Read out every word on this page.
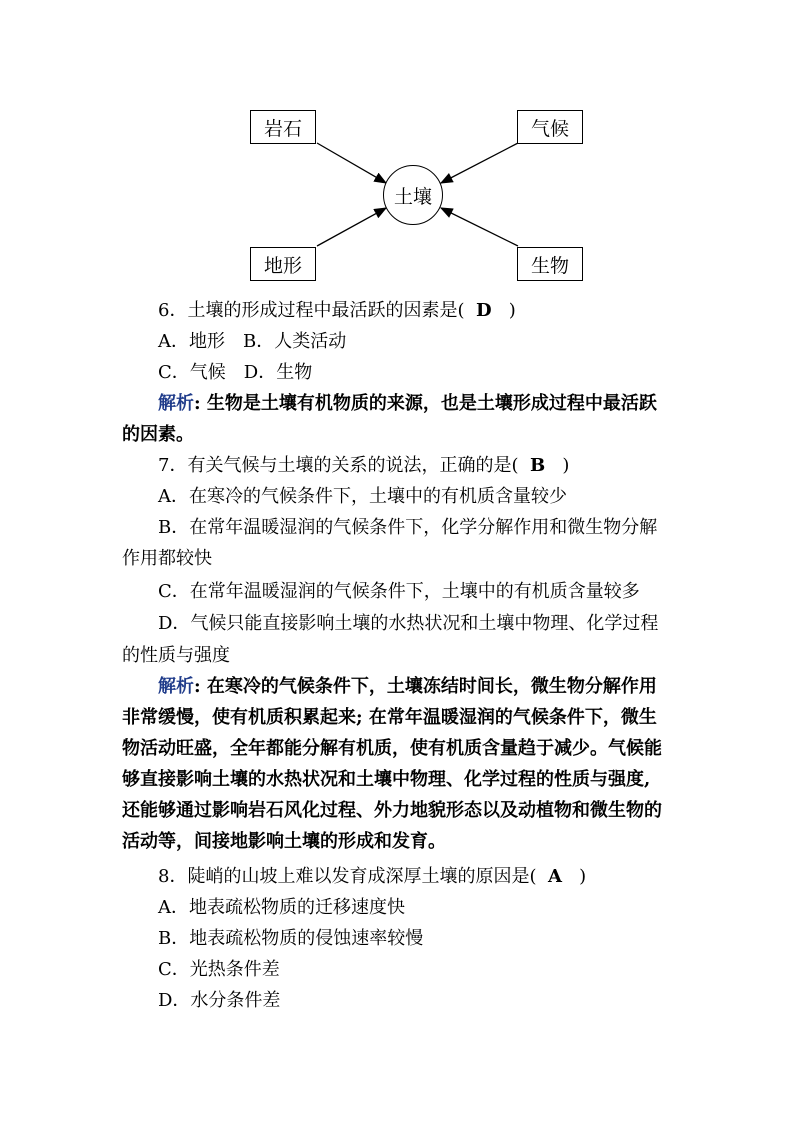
岩石	气候
地形	生物
土壤
6．土壤的形成过程中最活跃的因素是( D )
A．地形　B．人类活动
C．气候　D．生物
解析: 生物是土壤有机物质的来源，也是土壤形成过程中最活跃
的因素。
7．有关气候与土壤的关系的说法，正确的是( B )
A．在寒冷的气候条件下，土壤中的有机质含量较少
B．在常年温暖湿润的气候条件下，化学分解作用和微生物分解
作用都较快
C．在常年温暖湿润的气候条件下，土壤中的有机质含量较多
D．气候只能直接影响土壤的水热状况和土壤中物理、化学过程
的性质与强度
解析: 在寒冷的气候条件下，土壤冻结时间长，微生物分解作用
非常缓慢，使有机质积累起来; 在常年温暖湿润的气候条件下，微生
物活动旺盛，全年都能分解有机质，使有机质含量趋于减少。气候能
够直接影响土壤的水热状况和土壤中物理、化学过程的性质与强度,
还能够通过影响岩石风化过程、外力地貌形态以及动植物和微生物的
活动等，间接地影响土壤的形成和发育。
8．陡峭的山坡上难以发育成深厚土壤的原因是( A )
A．地表疏松物质的迁移速度快
B．地表疏松物质的侵蚀速率较慢
C．光热条件差
D．水分条件差
